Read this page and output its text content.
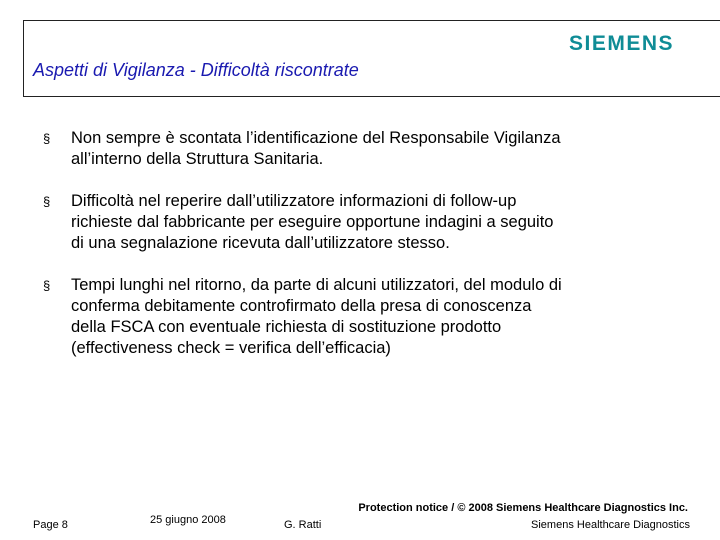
Aspetti di Vigilanza - Difficoltà riscontrate
SIEMENS
§ Non sempre è scontata l’identificazione del Responsabile Vigilanza
all’interno della Struttura Sanitaria.
§ Difficoltà nel reperire dall’utilizzatore informazioni di follow-up
richieste dal fabbricante per eseguire opportune indagini a seguito
di una segnalazione ricevuta dall’utilizzatore stesso.
§ Tempi lunghi nel ritorno, da parte di alcuni utilizzatori, del modulo di
conferma debitamente controfirmato della presa di conoscenza
della FSCA con eventuale richiesta di sostituzione prodotto
(effectiveness check = verifica dell’efficacia)
Page 8	25 giugno 2008	G. Ratti
Protection notice / © 2008 Siemens Healthcare Diagnostics Inc.
Siemens Healthcare Diagnostics
